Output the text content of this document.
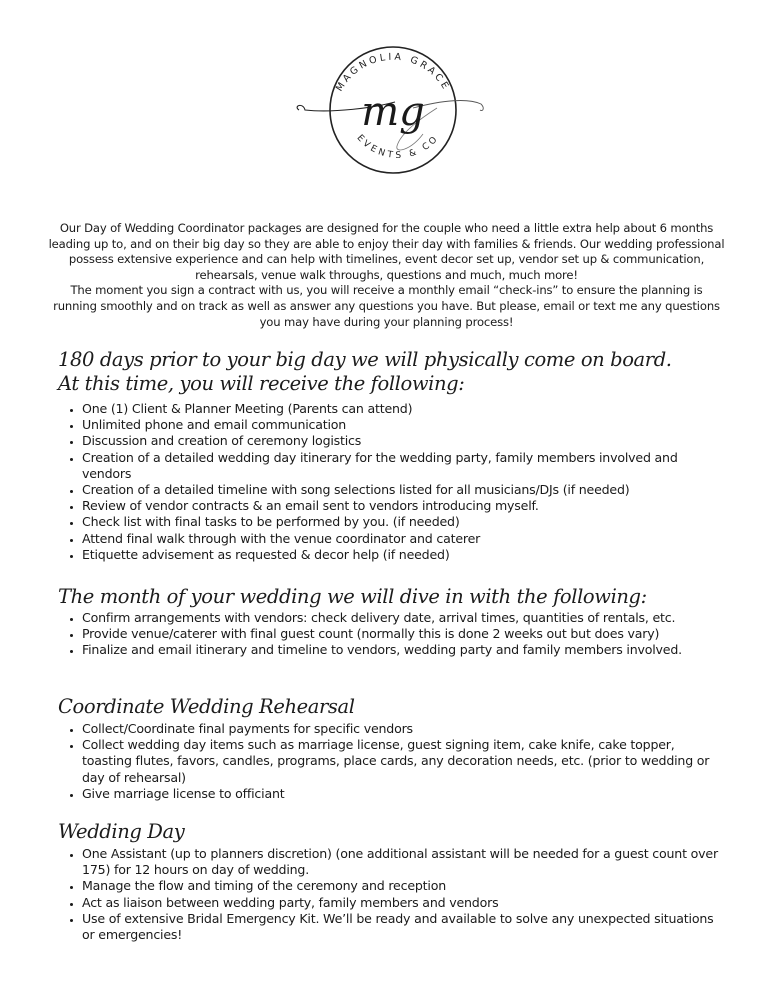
MAGNOLIA GRACE
EVENTS & CO
mg

Our Day of Wedding Coordinator packages are designed for the couple who need a little extra help about 6 months leading up to, and on their big day so they are able to enjoy their day with families & friends. Our wedding professional possess extensive experience and can help with timelines, event decor set up, vendor set up & communication, rehearsals, venue walk throughs, questions and much, much more!

The moment you sign a contract with us, you will receive a monthly email “check-ins” to ensure the planning is running smoothly and on track as well as answer any questions you have. But please, email or text me any questions you may have during your planning process!

180 days prior to your big day we will physically come on board.
At this time, you will receive the following:
• One (1) Client & Planner Meeting (Parents can attend)
• Unlimited phone and email communication
• Discussion and creation of ceremony logistics
• Creation of a detailed wedding day itinerary for the wedding party, family members involved and vendors
• Creation of a detailed timeline with song selections listed for all musicians/DJs (if needed)
• Review of vendor contracts & an email sent to vendors introducing myself.
• Check list with final tasks to be performed by you. (if needed)
• Attend final walk through with the venue coordinator and caterer
• Etiquette advisement as requested & decor help (if needed)
The month of your wedding we will dive in with the following:
• Confirm arrangements with vendors: check delivery date, arrival times, quantities of rentals, etc.
• Provide venue/caterer with final guest count (normally this is done 2 weeks out but does vary)
• Finalize and email itinerary and timeline to vendors, wedding party and family members involved.
Coordinate Wedding Rehearsal
• Collect/Coordinate final payments for specific vendors
• Collect wedding day items such as marriage license, guest signing item, cake knife, cake topper, toasting flutes, favors, candles, programs, place cards, any decoration needs, etc. (prior to wedding or day of rehearsal)
• Give marriage license to officiant
Wedding Day
• One Assistant (up to planners discretion) (one additional assistant will be needed for a guest count over 175) for 12 hours on day of wedding.
• Manage the flow and timing of the ceremony and reception
• Act as liaison between wedding party, family members and vendors
• Use of extensive Bridal Emergency Kit. We’ll be ready and available to solve any unexpected situations or emergencies!
